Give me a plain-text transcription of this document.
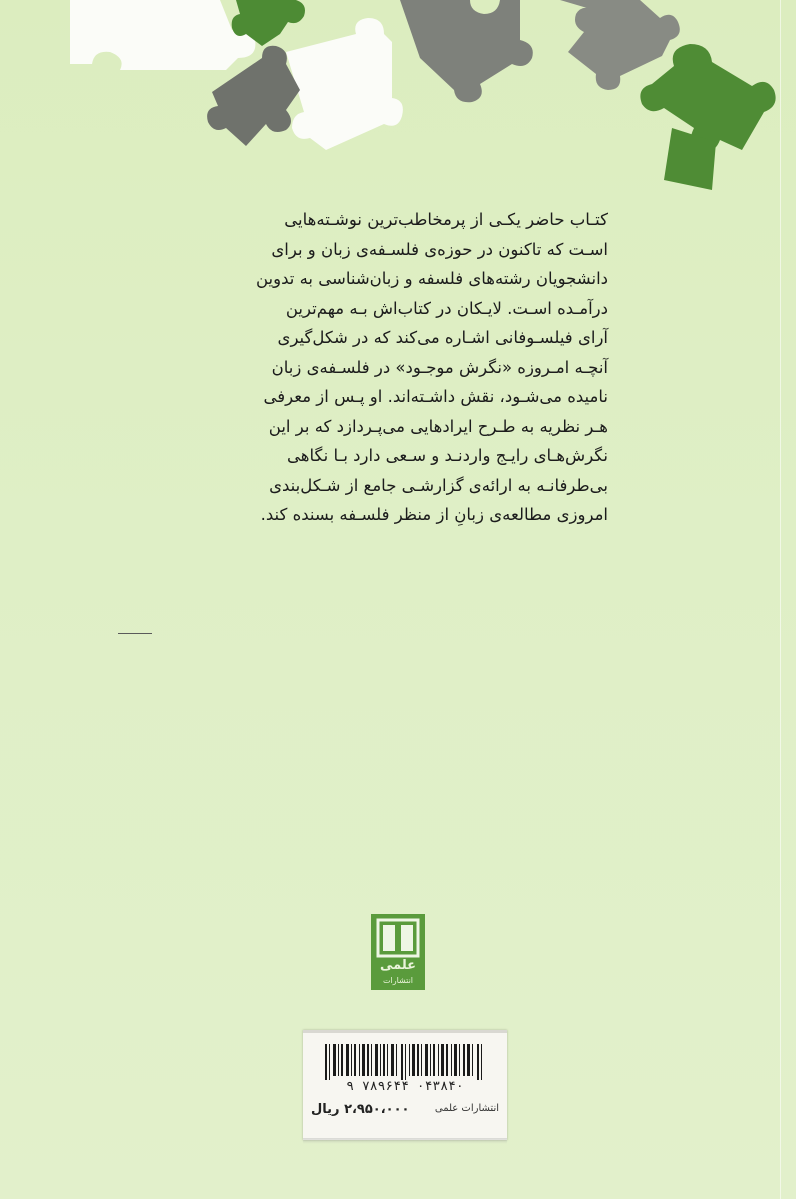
کتـاب حاضر یکـی از پرمخاطب‌ترین نوشـته‌هایی
اسـت که تاکنون در حوزه‌ی فلسـفه‌ی زبان و برای
دانشجویان رشته‌های فلسفه و زبان‌شناسی به تدوین
درآمـده اسـت. لایـکان در کتاب‌اش بـه مهم‌ترین
آرای فیلسـوفانی اشـاره می‌کند که در شکل‌گیری
آنچـه امـروزه «نگرش موجـود» در فلسـفه‌ی زبان
نامیده می‌شـود، نقش داشـته‌اند. او پـس از معرفی
هـر نظریه به طـرح ایرادهایی می‌پـردازد که بر این
نگرش‌هـای رایـج واردنـد و سـعی دارد بـا نگاهی
بی‌طرفانـه به ارائه‌ی گزارشـی جامع از شـکل‌بندی
امروزی مطالعه‌ی زبانِ از منظر فلسـفه بسنده کند.
علمی
انتشارات
۹ ۷۸۹۶۴۴ ۰۴۳۸۴۰
۲،۹۵۰،۰۰۰ ریال	انتشارات علمی
